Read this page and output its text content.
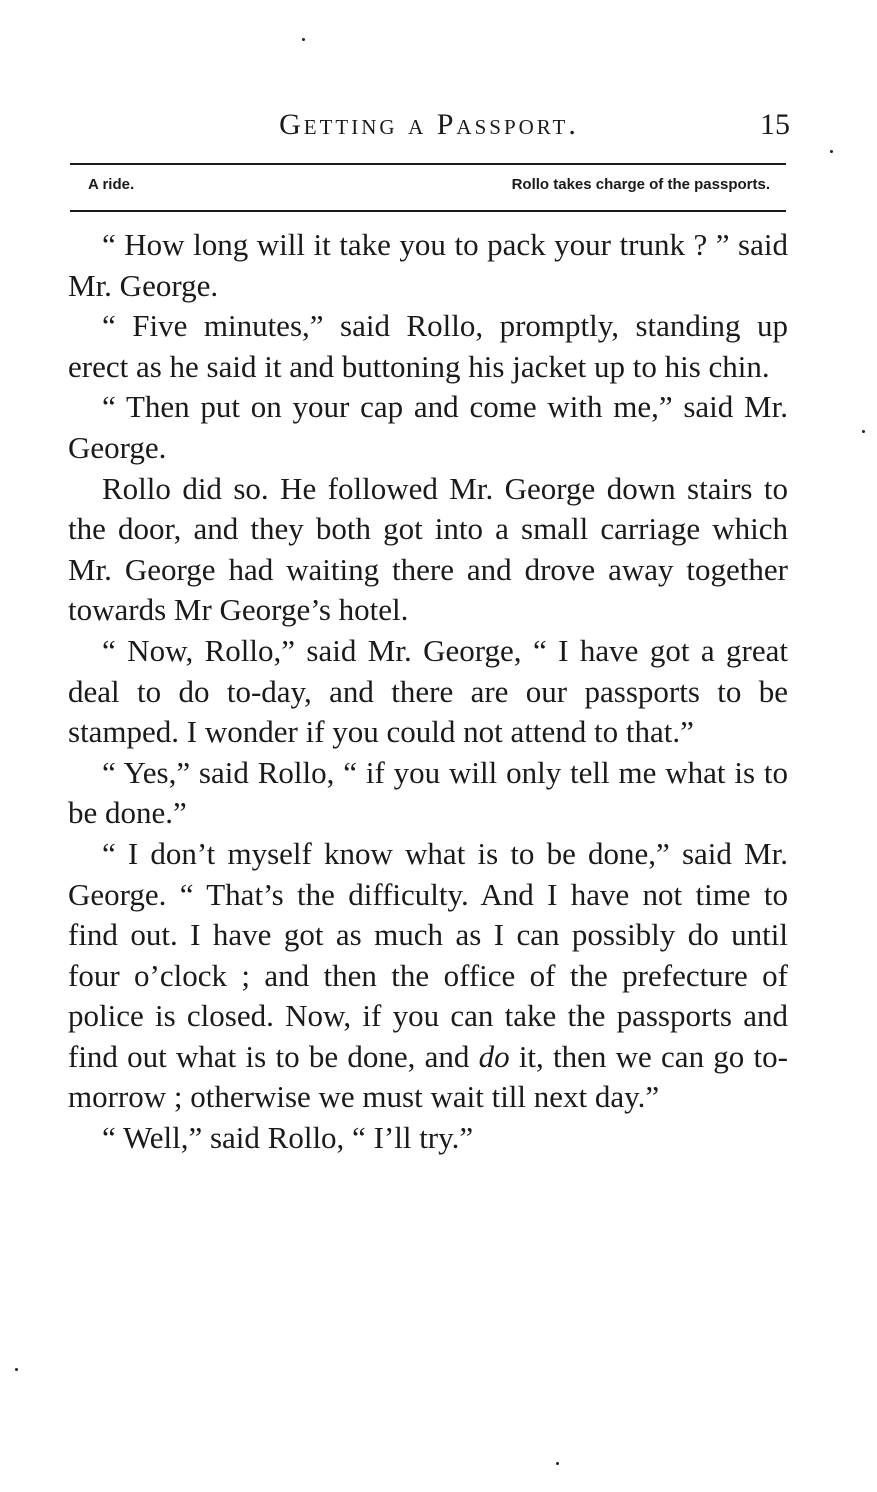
Getting a Passport.	15
A ride.	Rollo takes charge of the passports.

“ How long will it take you to pack your trunk ? ” said Mr. George.

“ Five minutes,” said Rollo, promptly, standing up erect as he said it and buttoning his jacket up to his chin.

“ Then put on your cap and come with me,” said Mr. George.

Rollo did so. He followed Mr. George down stairs to the door, and they both got into a small carriage which Mr. George had waiting there and drove away together towards Mr George’s hotel.

“ Now, Rollo,” said Mr. George, “ I have got a great deal to do to-day, and there are our passports to be stamped. I wonder if you could not attend to that.”

“ Yes,” said Rollo, “ if you will only tell me what is to be done.”

“ I don’t myself know what is to be done,” said Mr. George. “ That’s the difficulty. And I have not time to find out. I have got as much as I can possibly do until four o’clock ; and then the office of the prefecture of police is closed. Now, if you can take the passports and find out what is to be done, and do it, then we can go to-morrow ; otherwise we must wait till next day.”

“ Well,” said Rollo, “ I’ll try.”
